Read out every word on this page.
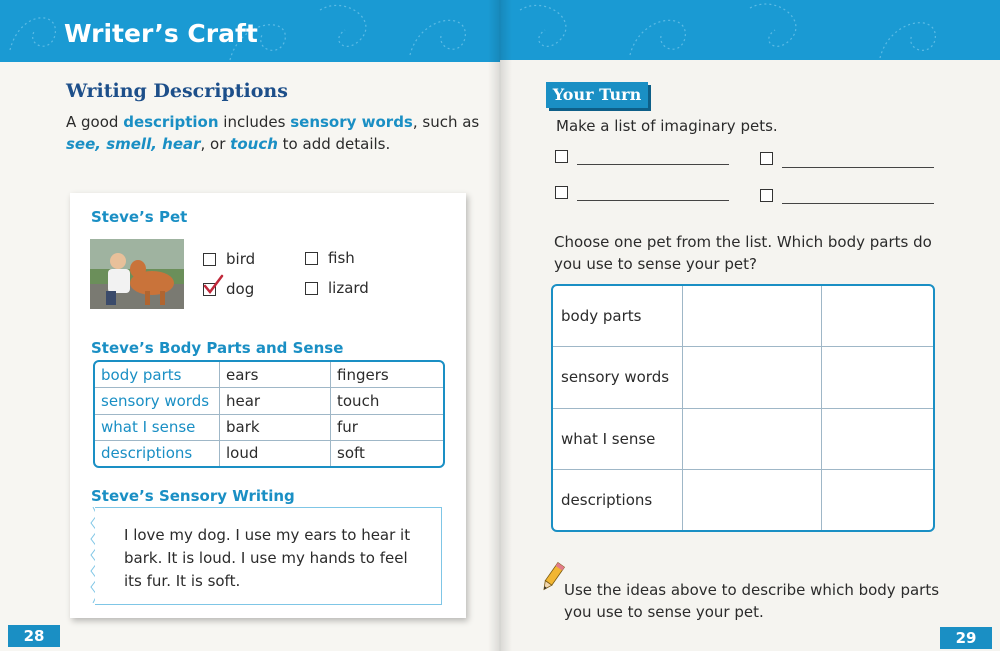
Writer’s Craft
Writing Descriptions
A good description includes sensory words, such as
see, smell, hear, or touch to add details.
Steve’s Pet
bird	fish
dog	lizard
Steve’s Body Parts and Sense
body parts	ears	fingers
sensory words	hear	touch
what I sense	bark	fur
descriptions	loud	soft
Steve’s Sensory Writing
I love my dog. I use my ears to hear it
bark. It is loud. I use my hands to feel
its fur. It is soft.
28
Your Turn
Make a list of imaginary pets.
Choose one pet from the list. Which body parts do
you use to sense your pet?
body parts		
sensory words		
what I sense		
descriptions		
Use the ideas above to describe which body parts
you use to sense your pet.
29
